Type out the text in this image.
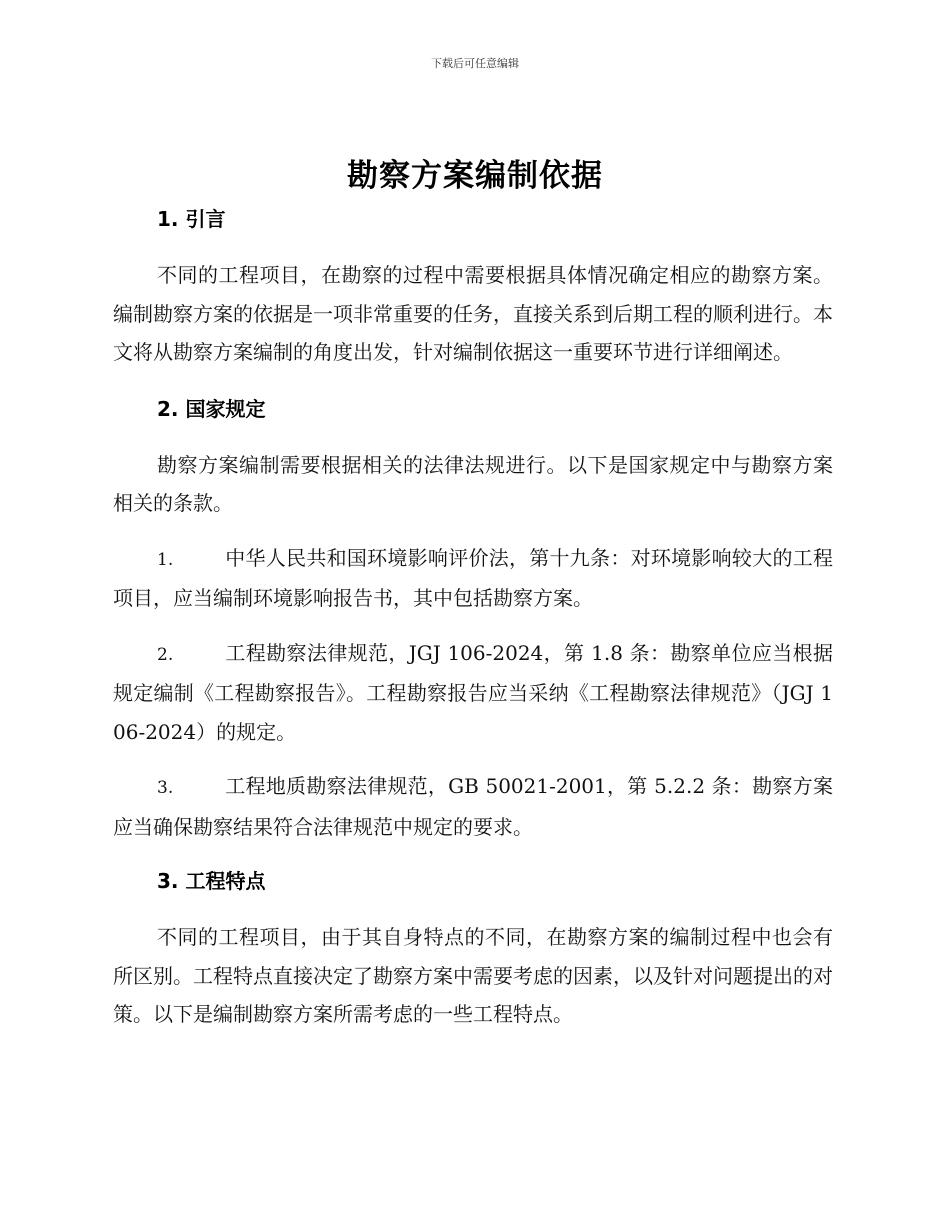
下载后可任意编辑
勘察方案编制依据
1. 引言

不同的工程项目，在勘察的过程中需要根据具体情况确定相应的勘察方案。编制勘察方案的依据是一项非常重要的任务，直接关系到后期工程的顺利进行。本文将从勘察方案编制的角度出发，针对编制依据这一重要环节进行详细阐述。

2. 国家规定

勘察方案编制需要根据相关的法律法规进行。以下是国家规定中与勘察方案相关的条款。

1.	中华人民共和国环境影响评价法，第十九条：对环境影响较大的工程项目，应当编制环境影响报告书，其中包括勘察方案。

2.	工程勘察法律规范，JGJ 106-2024，第 1.8 条：勘察单位应当根据规定编制《工程勘察报告》。工程勘察报告应当采纳《工程勘察法律规范》（JGJ 106-2024）的规定。

3.	工程地质勘察法律规范，GB 50021-2001，第 5.2.2 条：勘察方案应当确保勘察结果符合法律规范中规定的要求。

3. 工程特点

不同的工程项目，由于其自身特点的不同，在勘察方案的编制过程中也会有所区别。工程特点直接决定了勘察方案中需要考虑的因素，以及针对问题提出的对策。以下是编制勘察方案所需考虑的一些工程特点。
